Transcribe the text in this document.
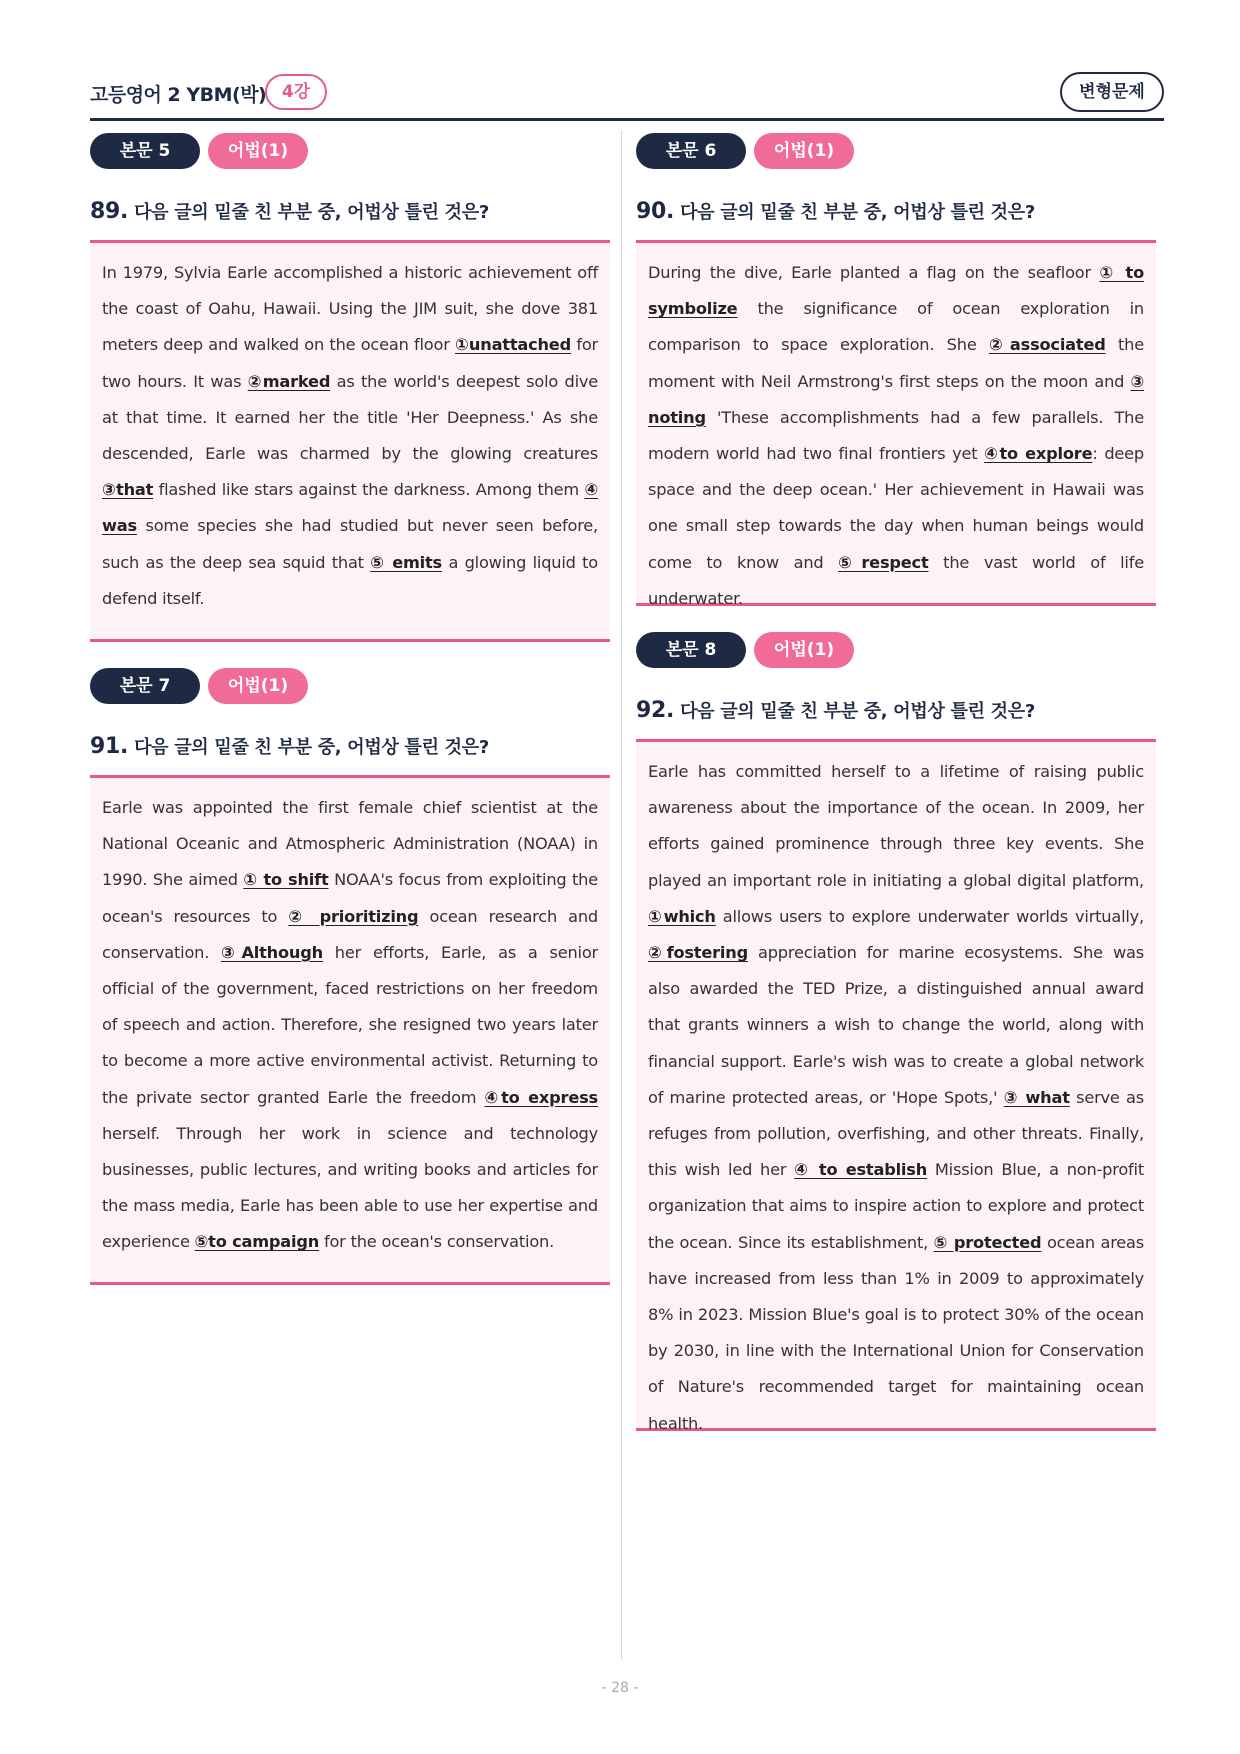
고등영어 2 YBM(박) 4강	변형문제
본문 5	어법(1)
89. 다음 글의 밑줄 친 부분 중, 어법상 틀린 것은?

In 1979, Sylvia Earle accomplished a historic achievement off the coast of Oahu, Hawaii. Using the JIM suit, she dove 381 meters deep and walked on the ocean floor ①unattached for two hours. It was ②marked as the world's deepest solo dive at that time. It earned her the title 'Her Deepness.' As she descended, Earle was charmed by the glowing creatures ③that flashed like stars against the darkness. Among them ④ was some species she had studied but never seen before, such as the deep sea squid that ⑤ emits a glowing liquid to defend itself.

본문 6	어법(1)
90. 다음 글의 밑줄 친 부분 중, 어법상 틀린 것은?

During the dive, Earle planted a flag on the seafloor ① to symbolize the significance of ocean exploration in comparison to space exploration. She ②associated the moment with Neil Armstrong's first steps on the moon and ③ noting 'These accomplishments had a few parallels. The modern world had two final frontiers yet ④to explore: deep space and the deep ocean.' Her achievement in Hawaii was one small step towards the day when human beings would come to know and ⑤respect the vast world of life underwater.

본문 7	어법(1)
91. 다음 글의 밑줄 친 부분 중, 어법상 틀린 것은?

Earle was appointed the first female chief scientist at the National Oceanic and Atmospheric Administration (NOAA) in 1990. She aimed ① to shift NOAA's focus from exploiting the ocean's resources to ② prioritizing ocean research and conservation. ③Although her efforts, Earle, as a senior official of the government, faced restrictions on her freedom of speech and action. Therefore, she resigned two years later to become a more active environmental activist. Returning to the private sector granted Earle the freedom ④to express herself. Through her work in science and technology businesses, public lectures, and writing books and articles for the mass media, Earle has been able to use her expertise and experience ⑤to campaign for the ocean's conservation.

본문 8	어법(1)
92. 다음 글의 밑줄 친 부분 중, 어법상 틀린 것은?

Earle has committed herself to a lifetime of raising public awareness about the importance of the ocean. In 2009, her efforts gained prominence through three key events. She played an important role in initiating a global digital platform, ①which allows users to explore underwater worlds virtually, ②fostering appreciation for marine ecosystems. She was also awarded the TED Prize, a distinguished annual award that grants winners a wish to change the world, along with financial support. Earle's wish was to create a global network of marine protected areas, or 'Hope Spots,' ③ what serve as refuges from pollution, overfishing, and other threats. Finally, this wish led her ④ to establish Mission Blue, a non-profit organization that aims to inspire action to explore and protect the ocean. Since its establishment, ⑤ protected ocean areas have increased from less than 1% in 2009 to approximately 8% in 2023. Mission Blue's goal is to protect 30% of the ocean by 2030, in line with the International Union for Conservation of Nature's recommended target for maintaining ocean health.

- 28 -
